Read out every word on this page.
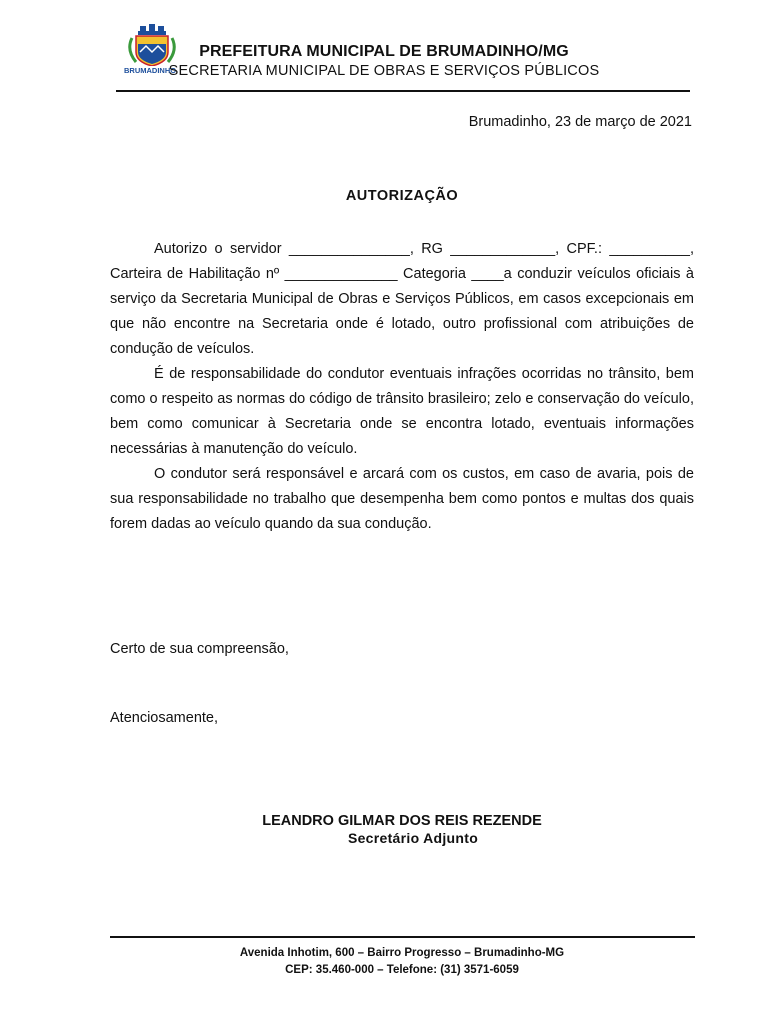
BRUMADINHO
PREFEITURA MUNICIPAL DE BRUMADINHO/MG
SECRETARIA MUNICIPAL DE OBRAS E SERVIÇOS PÚBLICOS
Brumadinho, 23 de março de 2021
AUTORIZAÇÃO

Autorizo o servidor _______________, RG _____________, CPF.: __________, Carteira de Habilitação nº ______________ Categoria ____a conduzir veículos oficiais à serviço da Secretaria Municipal de Obras e Serviços Públicos, em casos excepcionais em que não encontre na Secretaria onde é lotado, outro profissional com atribuições de condução de veículos.

É de responsabilidade do condutor eventuais infrações ocorridas no trânsito, bem como o respeito as normas do código de trânsito brasileiro; zelo e conservação do veículo, bem como comunicar à Secretaria onde se encontra lotado, eventuais informações necessárias à manutenção do veículo.

O condutor será responsável e arcará com os custos, em caso de avaria, pois de sua responsabilidade no trabalho que desempenha bem como pontos e multas dos quais forem dadas ao veículo quando da sua condução.

Certo de sua compreensão,
Atenciosamente,
LEANDRO GILMAR DOS REIS REZENDE
Secretário Adjunto
Avenida Inhotim, 600 – Bairro Progresso – Brumadinho-MG
CEP: 35.460-000 – Telefone: (31) 3571-6059
